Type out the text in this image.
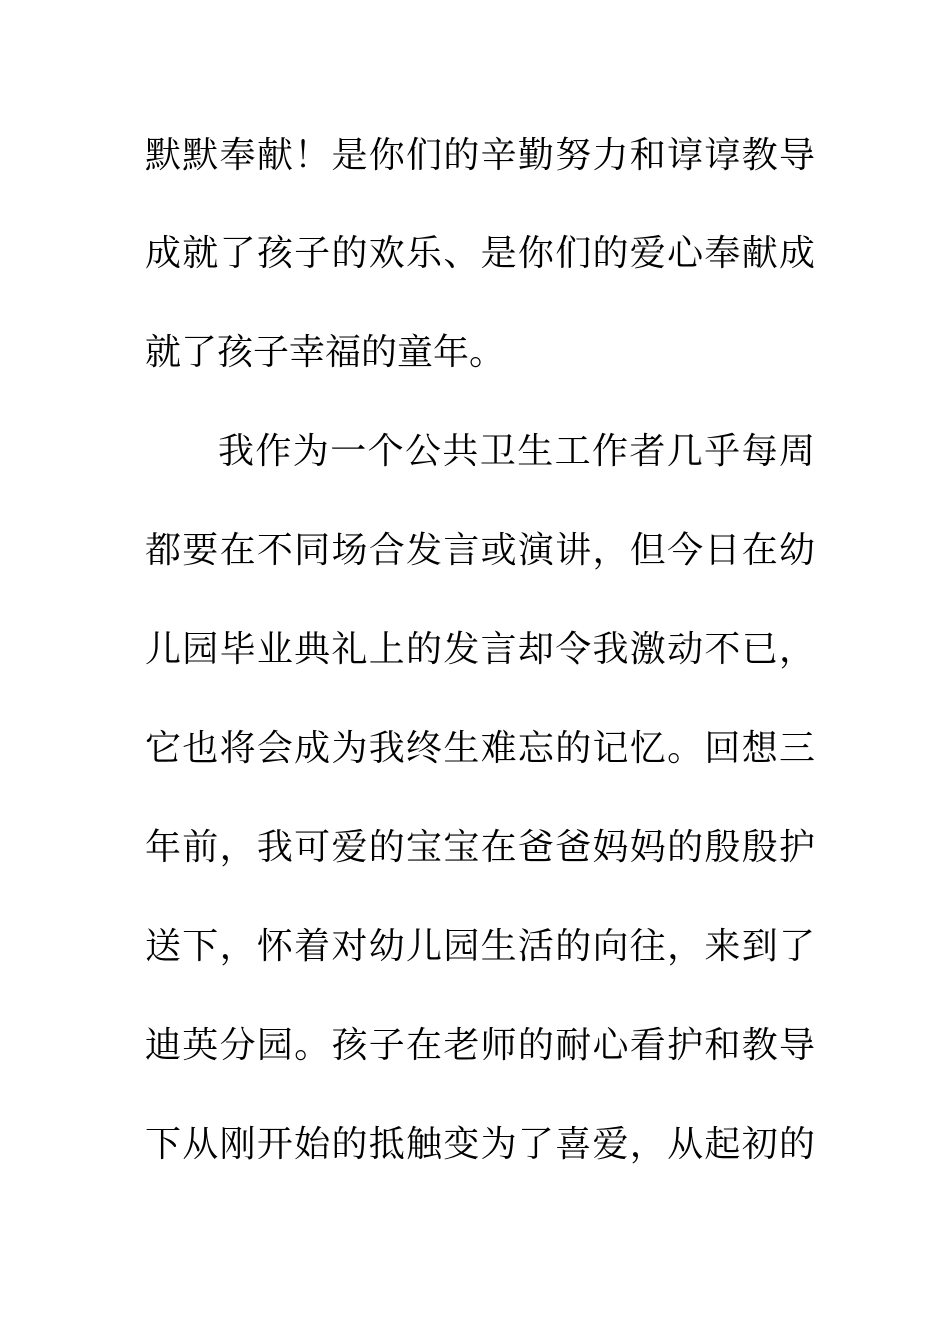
默默奉献！是你们的辛勤努力和谆谆教导

成就了孩子的欢乐、是你们的爱心奉献成

就了孩子幸福的童年。

我作为一个公共卫生工作者几乎每周

都要在不同场合发言或演讲，但今日在幼

儿园毕业典礼上的发言却令我激动不已，

它也将会成为我终生难忘的记忆。回想三

年前，我可爱的宝宝在爸爸妈妈的殷殷护

送下，怀着对幼儿园生活的向往，来到了

迪英分园。孩子在老师的耐心看护和教导

下从刚开始的抵触变为了喜爱，从起初的
